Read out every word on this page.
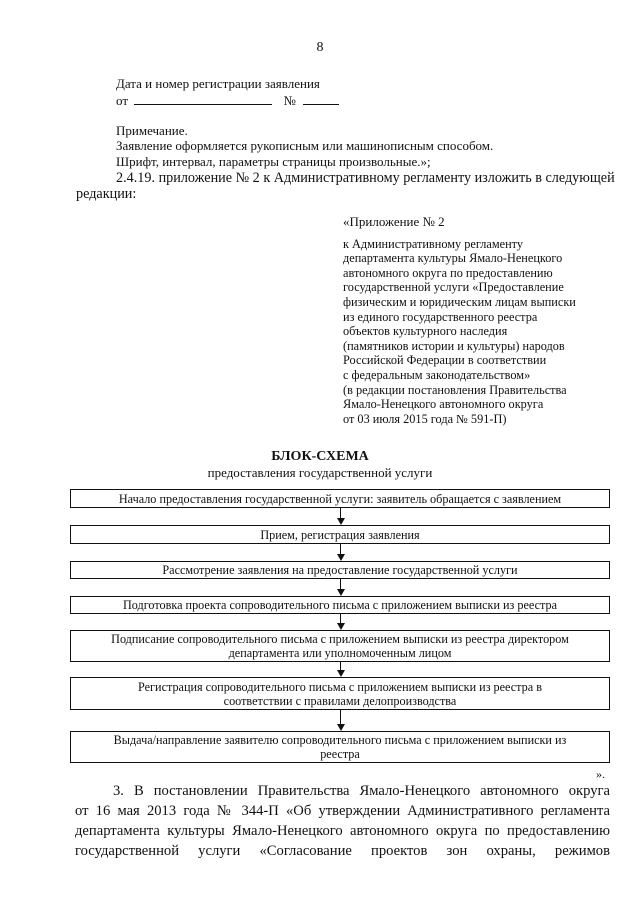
8
Дата и номер регистрации заявления
от	№
Примечание.
Заявление оформляется рукописным или машинописным способом.
Шрифт, интервал, параметры страницы произвольные.»;
2.4.19. приложение № 2 к Административному регламенту изложить в следующей
редакции:
«Приложение № 2
к Административному регламенту
департамента культуры Ямало-Ненецкого
автономного округа по предоставлению
государственной услуги «Предоставление
физическим и юридическим лицам выписки
из единого государственного реестра
объектов культурного наследия
(памятников истории и культуры) народов
Российской Федерации в соответствии
с федеральным законодательством»
(в редакции постановления Правительства
Ямало-Ненецкого автономного округа
от 03 июля 2015 года № 591-П)
БЛОК-СХЕМА
предоставления государственной услуги
Начало предоставления государственной услуги: заявитель обращается с заявлением
Прием, регистрация заявления
Рассмотрение заявления на предоставление государственной услуги
Подготовка проекта сопроводительного письма с приложением выписки из реестра
Подписание сопроводительного письма с приложением выписки из реестра директором
департамента или уполномоченным лицом
Регистрация сопроводительного письма с приложением выписки из реестра в
соответствии с правилами делопроизводства
Выдача/направление заявителю сопроводительного письма с приложением выписки из
реестра
».
3. В постановлении Правительства Ямало-Ненецкого автономного округа
от 16 мая 2013 года № 344-П «Об утверждении Административного регламента
департамента культуры Ямало-Ненецкого автономного округа по предоставлению
государственной услуги «Согласование проектов зон охраны, режимов
